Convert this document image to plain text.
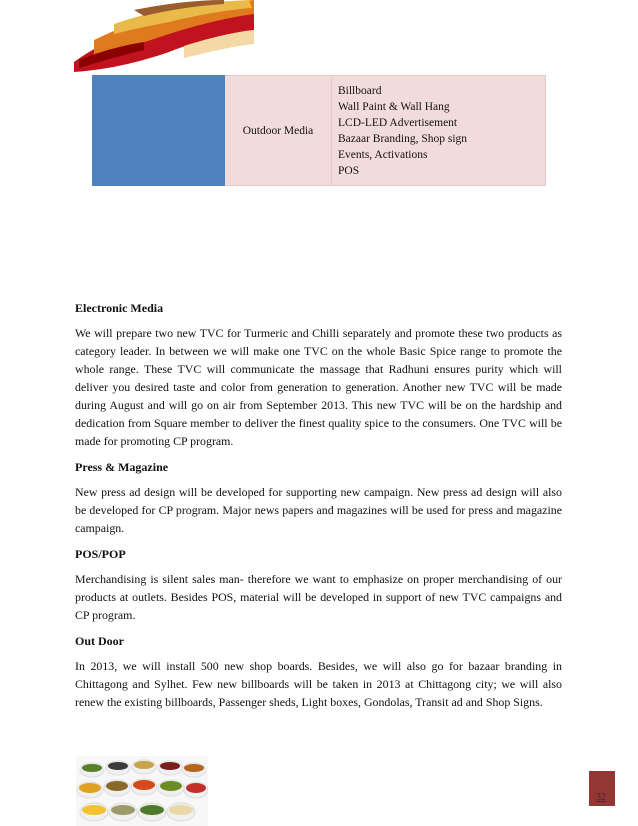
	Outdoor Media	
Billboard
Wall Paint & Wall Hang
LCD-LED Advertisement
Bazaar Branding, Shop sign
Events, Activations
POS
Electronic Media

We will prepare two new TVC for Turmeric and Chilli separately and promote these two products as category leader. In between we will make one TVC on the whole Basic Spice range to promote the whole range. These TVC will communicate the massage that Radhuni ensures purity which will deliver you desired taste and color from generation to generation. Another new TVC will be made during August and will go on air from September 2013. This new TVC will be on the hardship and dedication from Square member to deliver the finest quality spice to the consumers. One TVC will be made for promoting CP program.

Press & Magazine

New press ad design will be developed for supporting new campaign. New press ad design will also be developed for CP program. Major news papers and magazines will be used for press and magazine campaign.

POS/POP

Merchandising is silent sales man- therefore we want to emphasize on proper merchandising of our products at outlets. Besides POS, material will be developed in support of new TVC campaigns and CP program.

Out Door

In 2013, we will install 500 new shop boards. Besides, we will also go for bazaar branding in Chittagong and Sylhet. Few new billboards will be taken in 2013 at Chittagong city; we will also renew the existing billboards, Passenger sheds, Light boxes, Gondolas, Transit ad and Shop Signs.

32
